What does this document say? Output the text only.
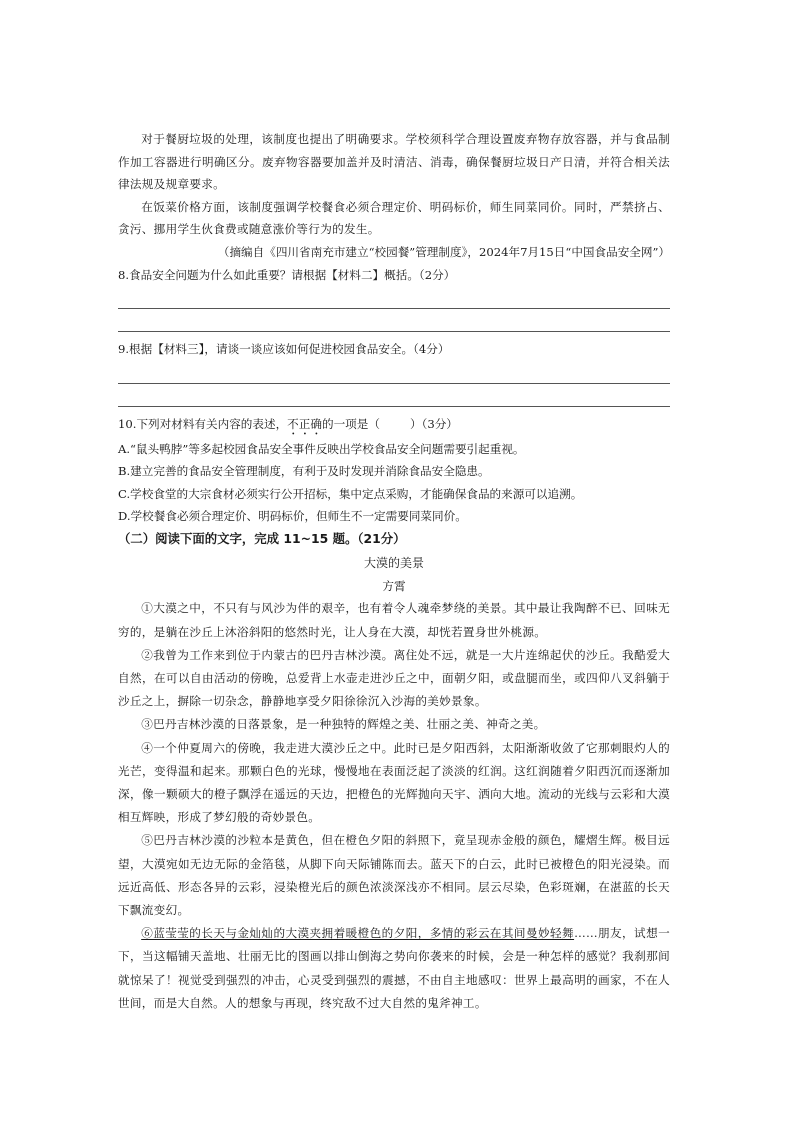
对于餐厨垃圾的处理，该制度也提出了明确要求。学校须科学合理设置废弃物存放容器，并与食品制作加工容器进行明确区分。废弃物容器要加盖并及时清洁、消毒，确保餐厨垃圾日产日清，并符合相关法律法规及规章要求。

在饭菜价格方面，该制度强调学校餐食必须合理定价、明码标价，师生同菜同价。同时，严禁挤占、贪污、挪用学生伙食费或随意涨价等行为的发生。

（摘编自《四川省南充市建立“校园餐”管理制度》，2024年7月15日“中国食品安全网”）

8.食品安全问题为什么如此重要？请根据【材料二】概括。（2分）

9.根据【材料三】，请谈一谈应该如何促进校园食品安全。（4分）

10.下列对材料有关内容的表述，不正确的一项是（	）（3分）

A.“鼠头鸭脖”等多起校园食品安全事件反映出学校食品安全问题需要引起重视。

B.建立完善的食品安全管理制度，有利于及时发现并消除食品安全隐患。

C.学校食堂的大宗食材必须实行公开招标，集中定点采购，才能确保食品的来源可以追溯。

D.学校餐食必须合理定价、明码标价，但师生不一定需要同菜同价。

（二）阅读下面的文字，完成 11~15 题。（21分）

大漠的美景

方霄

①大漠之中，不只有与风沙为伴的艰辛，也有着令人魂牵梦绕的美景。其中最让我陶醉不已、回味无穷的，是躺在沙丘上沐浴斜阳的悠然时光，让人身在大漠，却恍若置身世外桃源。

②我曾为工作来到位于内蒙古的巴丹吉林沙漠。离住处不远，就是一大片连绵起伏的沙丘。我酷爱大自然，在可以自由活动的傍晚，总爱背上水壶走进沙丘之中，面朝夕阳，或盘腿而坐，或四仰八叉斜躺于沙丘之上，摒除一切杂念，静静地享受夕阳徐徐沉入沙海的美妙景象。

③巴丹吉林沙漠的日落景象，是一种独特的辉煌之美、壮丽之美、神奇之美。

④一个仲夏周六的傍晚，我走进大漠沙丘之中。此时已是夕阳西斜，太阳渐渐收敛了它那刺眼灼人的光芒，变得温和起来。那颗白色的光球，慢慢地在表面泛起了淡淡的红润。这红润随着夕阳西沉而逐渐加深，像一颗硕大的橙子飘浮在遥远的天边，把橙色的光辉抛向天宇、洒向大地。流动的光线与云彩和大漠相互辉映，形成了梦幻般的奇妙景色。

⑤巴丹吉林沙漠的沙粒本是黄色，但在橙色夕阳的斜照下，竟呈现赤金般的颜色，耀熠生辉。极目远望，大漠宛如无边无际的金箔毯，从脚下向天际铺陈而去。蓝天下的白云，此时已被橙色的阳光浸染。而远近高低、形态各异的云彩，浸染橙光后的颜色浓淡深浅亦不相同。层云尽染，色彩斑斓，在湛蓝的长天下飘流变幻。

⑥蓝莹莹的长天与金灿灿的大漠夹拥着暖橙色的夕阳，多情的彩云在其间曼妙轻舞……朋友，试想一下，当这幅铺天盖地、壮丽无比的图画以排山倒海之势向你袭来的时候，会是一种怎样的感觉？我刹那间就惊呆了！视觉受到强烈的冲击，心灵受到强烈的震撼，不由自主地感叹：世界上最高明的画家，不在人世间，而是大自然。人的想象与再现，终究敌不过大自然的鬼斧神工。
